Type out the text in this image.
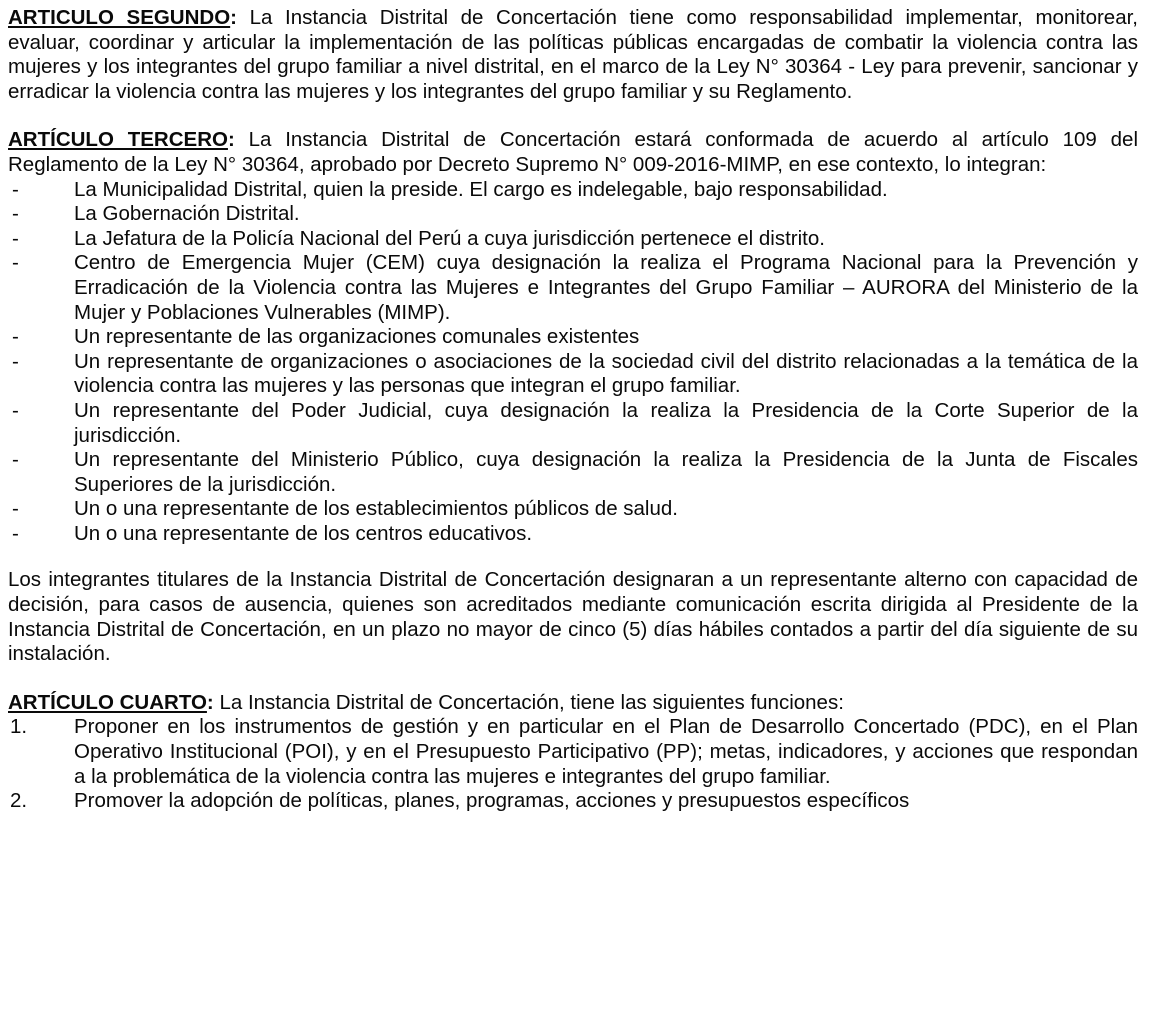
ARTICULO SEGUNDO: La Instancia Distrital de Concertación tiene como responsabilidad implementar, monitorear, evaluar, coordinar y articular la implementación de las políticas públicas encargadas de combatir la violencia contra las mujeres y los integrantes del grupo familiar a nivel distrital, en el marco de la Ley N° 30364 - Ley para prevenir, sancionar y erradicar la violencia contra las mujeres y los integrantes del grupo familiar y su Reglamento.

ARTÍCULO TERCERO: La Instancia Distrital de Concertación estará conformada de acuerdo al artículo 109 del Reglamento de la Ley N° 30364, aprobado por Decreto Supremo N° 009-2016-MIMP, en ese contexto, lo integran:

-	La Municipalidad Distrital, quien la preside. El cargo es indelegable, bajo responsabilidad.
-	La Gobernación Distrital.
-	La Jefatura de la Policía Nacional del Perú a cuya jurisdicción pertenece el distrito.
-	Centro de Emergencia Mujer (CEM) cuya designación la realiza el Programa Nacional para la Prevención y Erradicación de la Violencia contra las Mujeres e Integrantes del Grupo Familiar – AURORA del Ministerio de la Mujer y Poblaciones Vulnerables (MIMP).
-	Un representante de las organizaciones comunales existentes
-	Un representante de organizaciones o asociaciones de la sociedad civil del distrito relacionadas a la temática de la violencia contra las mujeres y las personas que integran el grupo familiar.
-	Un representante del Poder Judicial, cuya designación la realiza la Presidencia de la Corte Superior de la jurisdicción.
-	Un representante del Ministerio Público, cuya designación la realiza la Presidencia de la Junta de Fiscales Superiores de la jurisdicción.
-	Un o una representante de los establecimientos públicos de salud.
-	Un o una representante de los centros educativos.

Los integrantes titulares de la Instancia Distrital de Concertación designaran a un representante alterno con capacidad de decisión, para casos de ausencia, quienes son acreditados mediante comunicación escrita dirigida al Presidente de la Instancia Distrital de Concertación, en un plazo no mayor de cinco (5) días hábiles contados a partir del día siguiente de su instalación.

ARTÍCULO CUARTO: La Instancia Distrital de Concertación, tiene las siguientes funciones:

1. Proponer en los instrumentos de gestión y en particular en el Plan de Desarrollo Concertado (PDC), en el Plan Operativo Institucional (POI), y en el Presupuesto Participativo (PP); metas, indicadores, y acciones que respondan a la problemática de la violencia contra las mujeres e integrantes del grupo familiar.
2. Promover la adopción de políticas, planes, programas, acciones y presupuestos específicos
